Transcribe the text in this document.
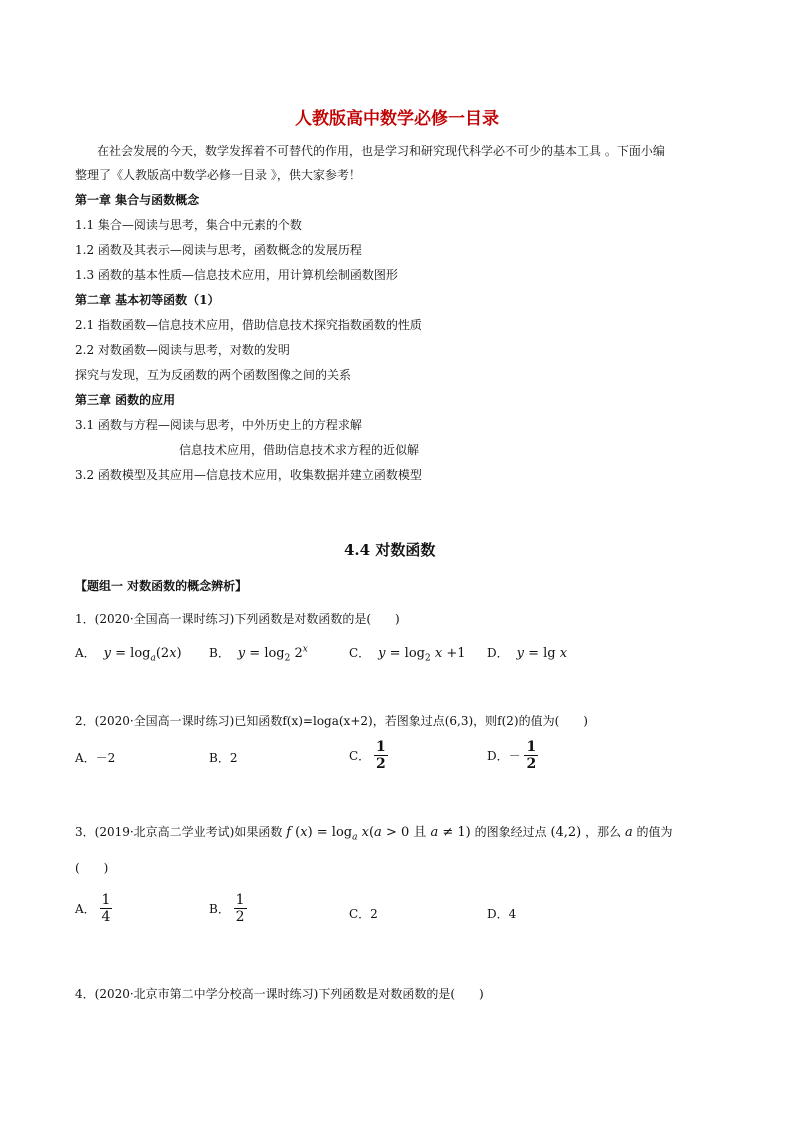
人教版高中数学必修一目录
在社会发展的今天，数学发挥着不可替代的作用，也是学习和研究现代科学必不可少的基本工具 。下面小编
整理了《人教版高中数学必修一目录 》，供大家参考！
第一章 集合与函数概念
1.1 集合—阅读与思考，集合中元素的个数
1.2 函数及其表示—阅读与思考，函数概念的发展历程
1.3 函数的基本性质—信息技术应用，用计算机绘制函数图形
第二章 基本初等函数（1）
2.1 指数函数—信息技术应用，借助信息技术探究指数函数的性质
2.2 对数函数—阅读与思考，对数的发明
探究与发现，互为反函数的两个函数图像之间的关系
第三章 函数的应用
3.1 函数与方程—阅读与思考，中外历史上的方程求解
信息技术应用，借助信息技术求方程的近似解
3.2 函数模型及其应用—信息技术应用，收集数据并建立函数模型
4.4 对数函数
【题组一 对数函数的概念辨析】
1．(2020·全国高一课时练习)下列函数是对数函数的是(　　)
A．  $y = \log_a(2x)$ B．  $y = \log_2 2^x$	C．  $y = \log_2 x +1$ D．  y = lg x
2．(2020·全国高一课时练习)已知函数f(x)=loga(x+2)，若图象过点(6,3)，则f(2)的值为(　　)
A．－2	B．2	C． $\frac{1}{2}$	D．－ $\frac{1}{2}$
3．(2019·北京高二学业考试)如果函数 f $(x) = \log_a x(a > 0$ 且 a ≠ 1) 的图象经过点 (4,2) ，那么 a 的值为
(　　)
A． $\frac{1}{4}$	B． $\frac{1}{2}$	C．2	D．4
4．(2020·北京市第二中学分校高一课时练习)下列函数是对数函数的是(　　)
